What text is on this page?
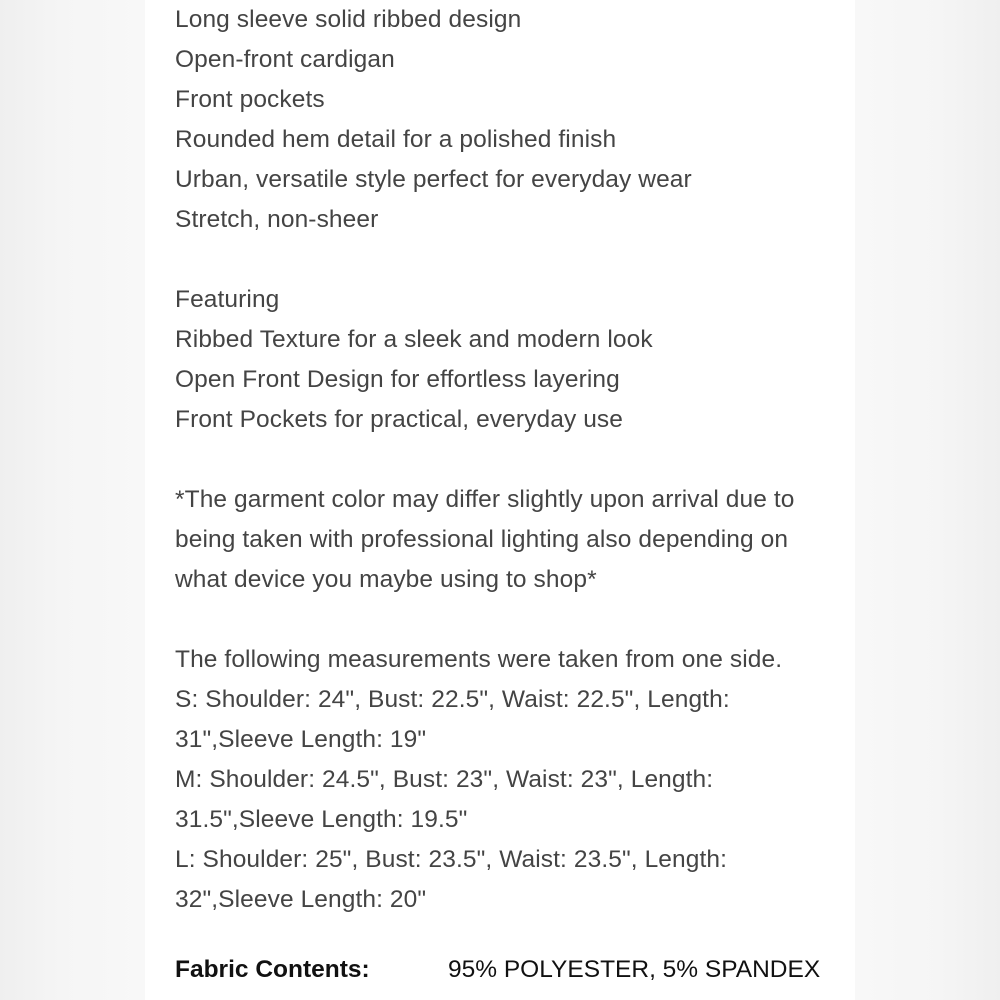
Long sleeve solid ribbed design
Open-front cardigan
Front pockets
Rounded hem detail for a polished finish
Urban, versatile style perfect for everyday wear
Stretch, non-sheer
Featuring
Ribbed Texture for a sleek and modern look
Open Front Design for effortless layering
Front Pockets for practical, everyday use
*The garment color may differ slightly upon arrival due to
being taken with professional lighting also depending on
what device you maybe using to shop*
The following measurements were taken from one side.
S: Shoulder: 24", Bust: 22.5", Waist: 22.5", Length:
31",Sleeve Length: 19"
M: Shoulder: 24.5", Bust: 23", Waist: 23", Length:
31.5",Sleeve Length: 19.5"
L: Shoulder: 25", Bust: 23.5", Waist: 23.5", Length:
32",Sleeve Length: 20"
Fabric Contents:	95% POLYESTER, 5% SPANDEX
